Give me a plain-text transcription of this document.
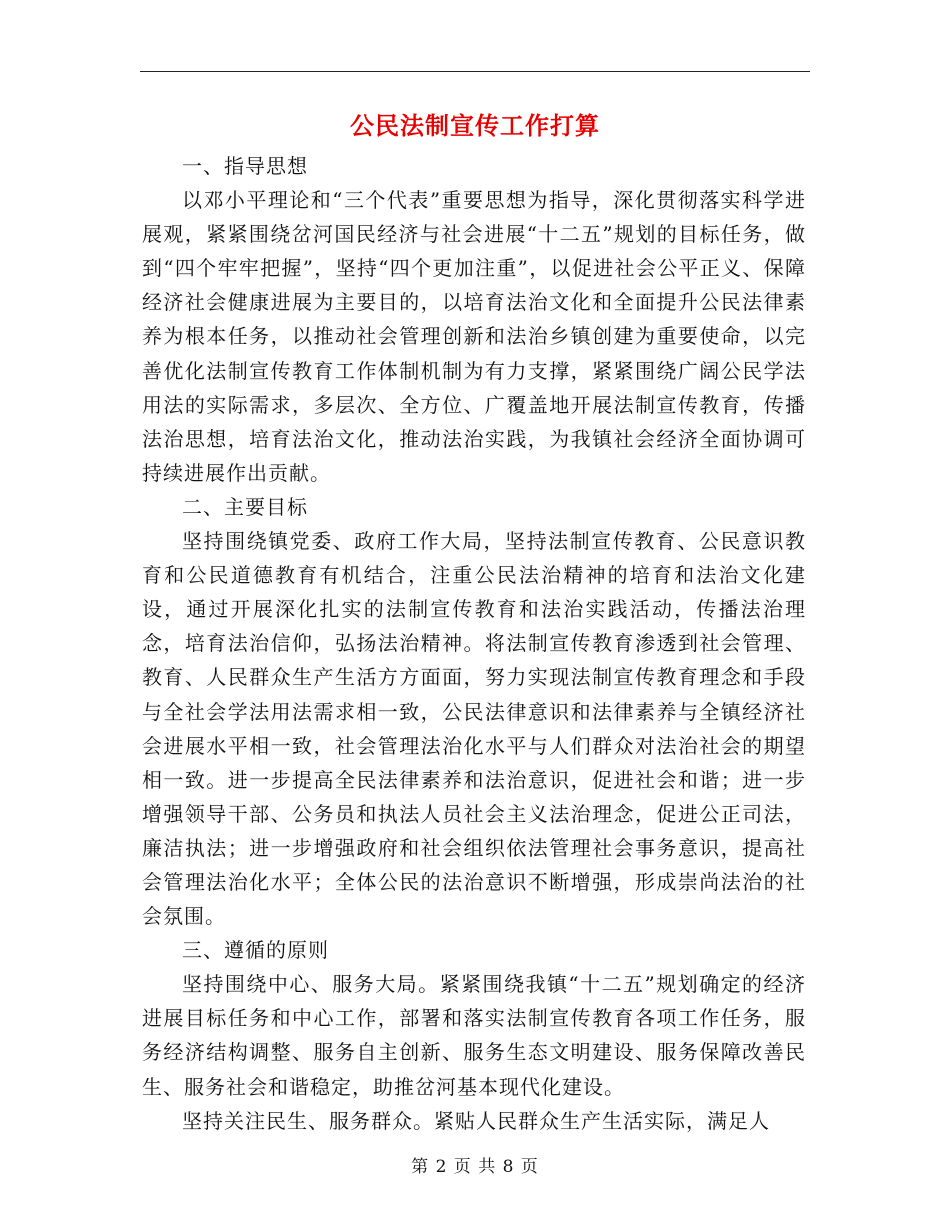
公民法制宣传工作打算

一、指导思想

以邓小平理论和“三个代表”重要思想为指导，深化贯彻落实科学进展观，紧紧围绕岔河国民经济与社会进展“十二五”规划的目标任务，做到“四个牢牢把握”，坚持“四个更加注重”，以促进社会公平正义、保障经济社会健康进展为主要目的，以培育法治文化和全面提升公民法律素养为根本任务，以推动社会管理创新和法治乡镇创建为重要使命，以完善优化法制宣传教育工作体制机制为有力支撑，紧紧围绕广阔公民学法用法的实际需求，多层次、全方位、广覆盖地开展法制宣传教育，传播法治思想，培育法治文化，推动法治实践，为我镇社会经济全面协调可持续进展作出贡献。

二、主要目标

坚持围绕镇党委、政府工作大局，坚持法制宣传教育、公民意识教育和公民道德教育有机结合，注重公民法治精神的培育和法治文化建设，通过开展深化扎实的法制宣传教育和法治实践活动，传播法治理念，培育法治信仰，弘扬法治精神。将法制宣传教育渗透到社会管理、教育、人民群众生产生活方方面面，努力实现法制宣传教育理念和手段与全社会学法用法需求相一致，公民法律意识和法律素养与全镇经济社会进展水平相一致，社会管理法治化水平与人们群众对法治社会的期望相一致。进一步提高全民法律素养和法治意识，促进社会和谐；进一步增强领导干部、公务员和执法人员社会主义法治理念，促进公正司法，廉洁执法；进一步增强政府和社会组织依法管理社会事务意识，提高社会管理法治化水平；全体公民的法治意识不断增强，形成崇尚法治的社会氛围。

三、遵循的原则

坚持围绕中心、服务大局。紧紧围绕我镇“十二五”规划确定的经济进展目标任务和中心工作，部署和落实法制宣传教育各项工作任务，服务经济结构调整、服务自主创新、服务生态文明建设、服务保障改善民生、服务社会和谐稳定，助推岔河基本现代化建设。

坚持关注民生、服务群众。紧贴人民群众生产生活实际，满足人

第 2 页 共 8 页
